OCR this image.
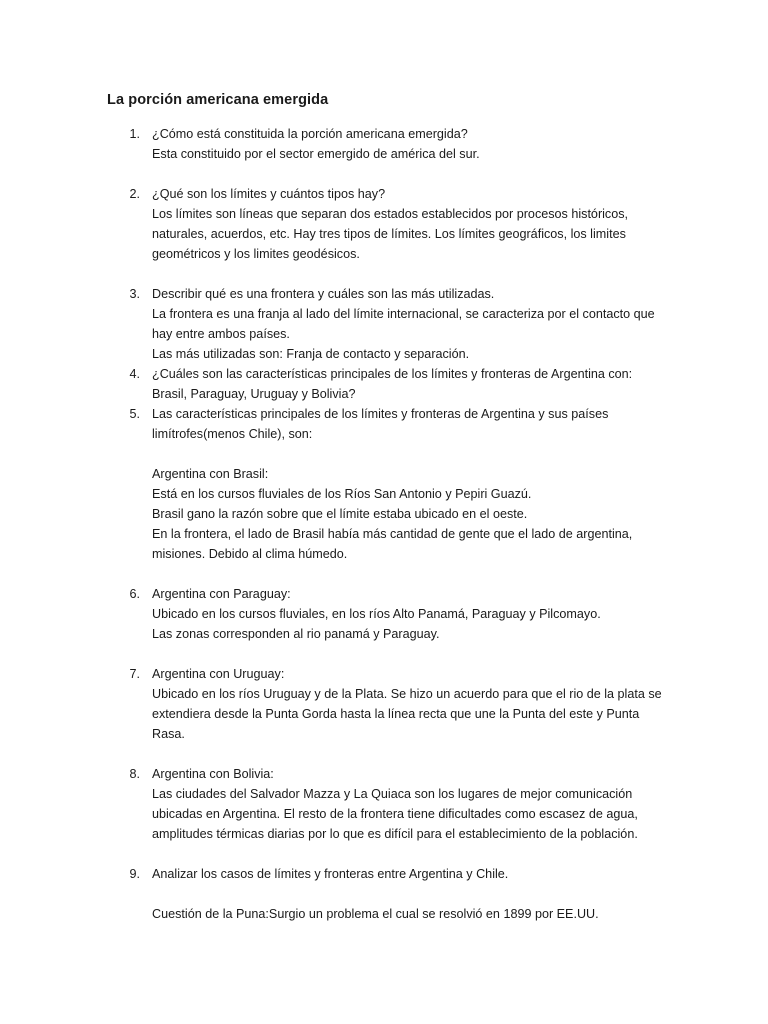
La porción americana emergida
1. ¿Cómo está constituida la porción americana emergida?
Esta constituido por el sector emergido de américa del sur.
2. ¿Qué son los límites y cuántos tipos hay?
Los límites son líneas que separan dos estados establecidos por procesos históricos,
naturales, acuerdos, etc. Hay tres tipos de límites. Los límites geográficos, los limites
geométricos y los limites geodésicos.
3. Describir qué es una frontera y cuáles son las más utilizadas.
La frontera es una franja al lado del límite internacional, se caracteriza por el contacto que
hay entre ambos países.
Las más utilizadas son: Franja de contacto y separación.
4. ¿Cuáles son las características principales de los límites y fronteras de Argentina con:
Brasil, Paraguay, Uruguay y Bolivia?
5. Las características principales de los límites y fronteras de Argentina y sus países
limítrofes(menos Chile), son:
Argentina con Brasil:
Está en los cursos fluviales de los Ríos San Antonio y Pepiri Guazú.
Brasil gano la razón sobre que el límite estaba ubicado en el oeste.
En la frontera, el lado de Brasil había más cantidad de gente que el lado de argentina,
misiones. Debido al clima húmedo.
6. Argentina con Paraguay:
Ubicado en los cursos fluviales, en los ríos Alto Panamá, Paraguay y Pilcomayo.
Las zonas corresponden al rio panamá y Paraguay.
7. Argentina con Uruguay:
Ubicado en los ríos Uruguay y de la Plata. Se hizo un acuerdo para que el rio de la plata se
extendiera desde la Punta Gorda hasta la línea recta que une la Punta del este y Punta
Rasa.
8. Argentina con Bolivia:
Las ciudades del Salvador Mazza y La Quiaca son los lugares de mejor comunicación
ubicadas en Argentina. El resto de la frontera tiene dificultades como escasez de agua,
amplitudes térmicas diarias por lo que es difícil para el establecimiento de la población.
9. Analizar los casos de límites y fronteras entre Argentina y Chile.
Cuestión de la Puna:Surgio un problema el cual se resolvió en 1899 por EE.UU.
